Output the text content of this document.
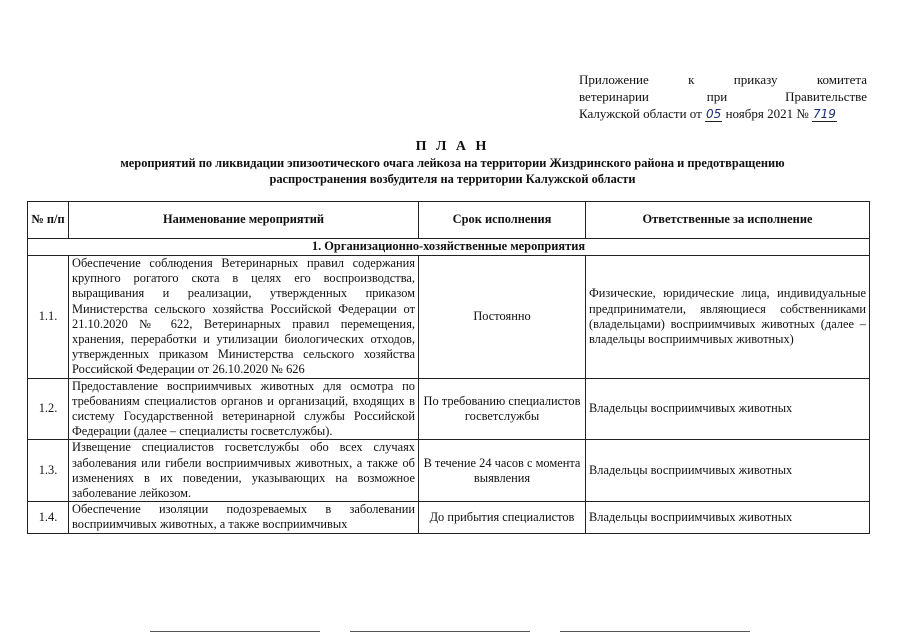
Приложение к приказу комитета
ветеринарии при Правительстве
Калужской области от 05 ноября 2021 № 719
П Л А Н
мероприятий по ликвидации эпизоотического очага лейкоза на территории Жиздринского района и предотвращению
распространения возбудителя на территории Калужской области
№ п/п	Наименование мероприятий	Срок исполнения	Ответственные за исполнение
1. Организационно-хозяйственные мероприятия			
1.1.	Обеспечение соблюдения Ветеринарных правил содержания крупного рогатого скота в целях его воспроизводства, выращивания и реализации, утвержденных приказом Министерства сельского хозяйства Российской Федерации от 21.10.2020 № 622, Ветеринарных правил перемещения, хранения, переработки и утилизации биологических отходов, утвержденных приказом Министерства сельского хозяйства Российской Федерации от 26.10.2020 № 626	Постоянно	Физические, юридические лица, индивидуальные предприниматели, являющиеся собственниками (владельцами) восприимчивых животных (далее – владельцы восприимчивых животных)
1.2.	Предоставление восприимчивых животных для осмотра по требованиям специалистов органов и организаций, входящих в систему Государственной ветеринарной службы Российской Федерации (далее – специалисты госветслужбы).	По требованию специалистов госветслужбы	Владельцы восприимчивых животных
1.3.	Извещение специалистов госветслужбы обо всех случаях заболевания или гибели восприимчивых животных, а также об изменениях в их поведении, указывающих на возможное заболевание лейкозом.	В течение 24 часов с момента выявления	Владельцы восприимчивых животных
1.4.	Обеспечение изоляции подозреваемых в заболевании восприимчивых животных, а также восприимчивых	До прибытия специалистов	Владельцы восприимчивых животных
